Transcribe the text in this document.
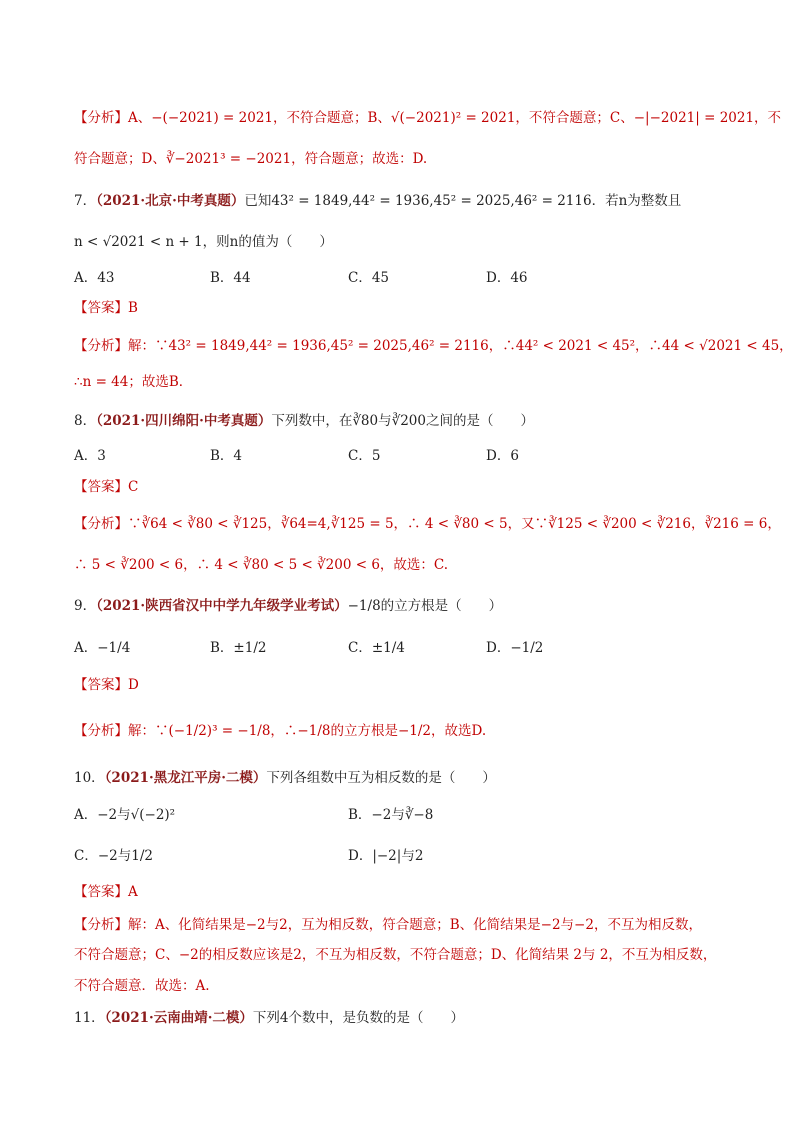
【分析】A、−(−2021) = 2021，不符合题意；B、√(−2021)² = 2021，不符合题意；C、−|−2021| = 2021，不
符合题意；D、∛−2021³ = −2021，符合题意；故选：D.
7．（2021·北京·中考真题）已知43² = 1849,44² = 1936,45² = 2025,46² = 2116．若n为整数且
n < √2021 < n + 1，则n的值为（　　）
A．43	B．44	C．45	D．46
【答案】B
【分析】解：∵43² = 1849,44² = 1936,45² = 2025,46² = 2116，∴44² < 2021 < 45²，∴44 < √2021 < 45，
∴n = 44；故选B．
8．（2021·四川绵阳·中考真题）下列数中，在∛80与∛200之间的是（　　）
A．3	B．4	C．5	D．6
【答案】C
【分析】∵∛64 < ∛80 < ∛125，∛64=4,∛125 = 5，∴ 4 < ∛80 < 5，又∵∛125 < ∛200 < ∛216，∛216 = 6，
∴ 5 < ∛200 < 6，∴ 4 < ∛80 < 5 < ∛200 < 6，故选：C.
9．（2021·陕西省汉中中学九年级学业考试）−1/8的立方根是（　　）
A．−1/4	B．±1/2	C．±1/4	D．−1/2
【答案】D
【分析】解：∵(−1/2)³ = −1/8，∴−1/8的立方根是−1/2，故选D.
10．（2021·黑龙江平房·二模）下列各组数中互为相反数的是（　　）
A．−2与√(−2)²	B．−2与∛−8
C．−2与1/2	D．|−2|与2
【答案】A
【分析】解：A、化简结果是−2与2，互为相反数，符合题意；B、化简结果是−2与−2，不互为相反数，
不符合题意；C、−2的相反数应该是2，不互为相反数，不符合题意；D、化简结果 2与 2，不互为相反数，
不符合题意．故选：A.
11．（2021·云南曲靖·二模）下列4个数中，是负数的是（　　）
